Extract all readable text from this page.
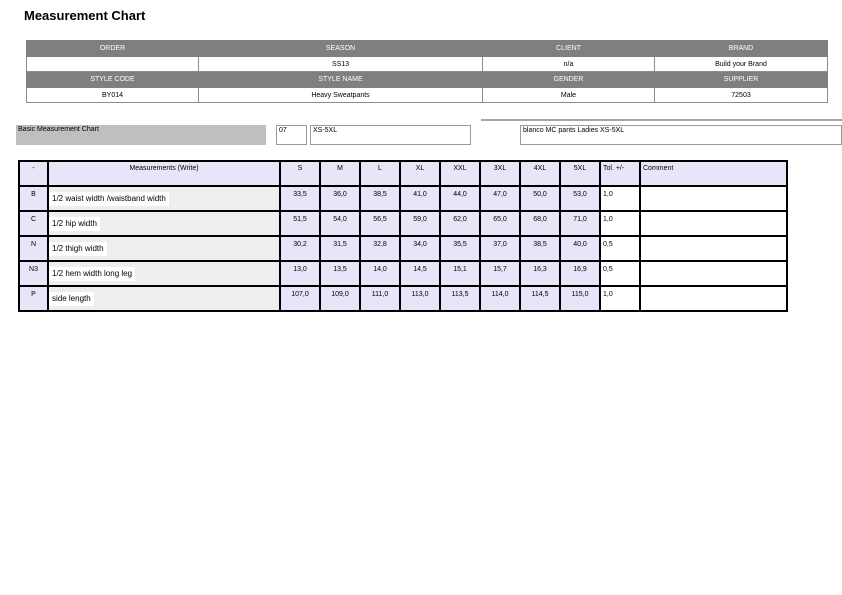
Measurement Chart
ORDER	SEASON	CLIENT	BRAND
	SS13	n/a	Build your Brand
STYLE CODE	STYLE NAME	GENDER	SUPPLIER
BY014	Heavy Sweatpants	Male	72503
Basic Measurement Chart	07	XS-5XL	blanco MC pants Ladies XS-5XL
-	Measurements (Write)	S	M	L	XL	XXL	3XL	4XL	5XL	Tol. +/-	Comment
B	1/2 waist width /waistband width	33,5	36,0	38,5	41,0	44,0	47,0	50,0	53,0	1,0	
C	1/2 hip width	51,5	54,0	56,5	59,0	62,0	65,0	68,0	71,0	1,0	
N	1/2 thigh width	30,2	31,5	32,8	34,0	35,5	37,0	38,5	40,0	0,5	
N3	1/2 hem width long leg	13,0	13,5	14,0	14,5	15,1	15,7	16,3	16,9	0,5	
P	side length	107,0	109,0	111,0	113,0	113,5	114,0	114,5	115,0	1,0	
